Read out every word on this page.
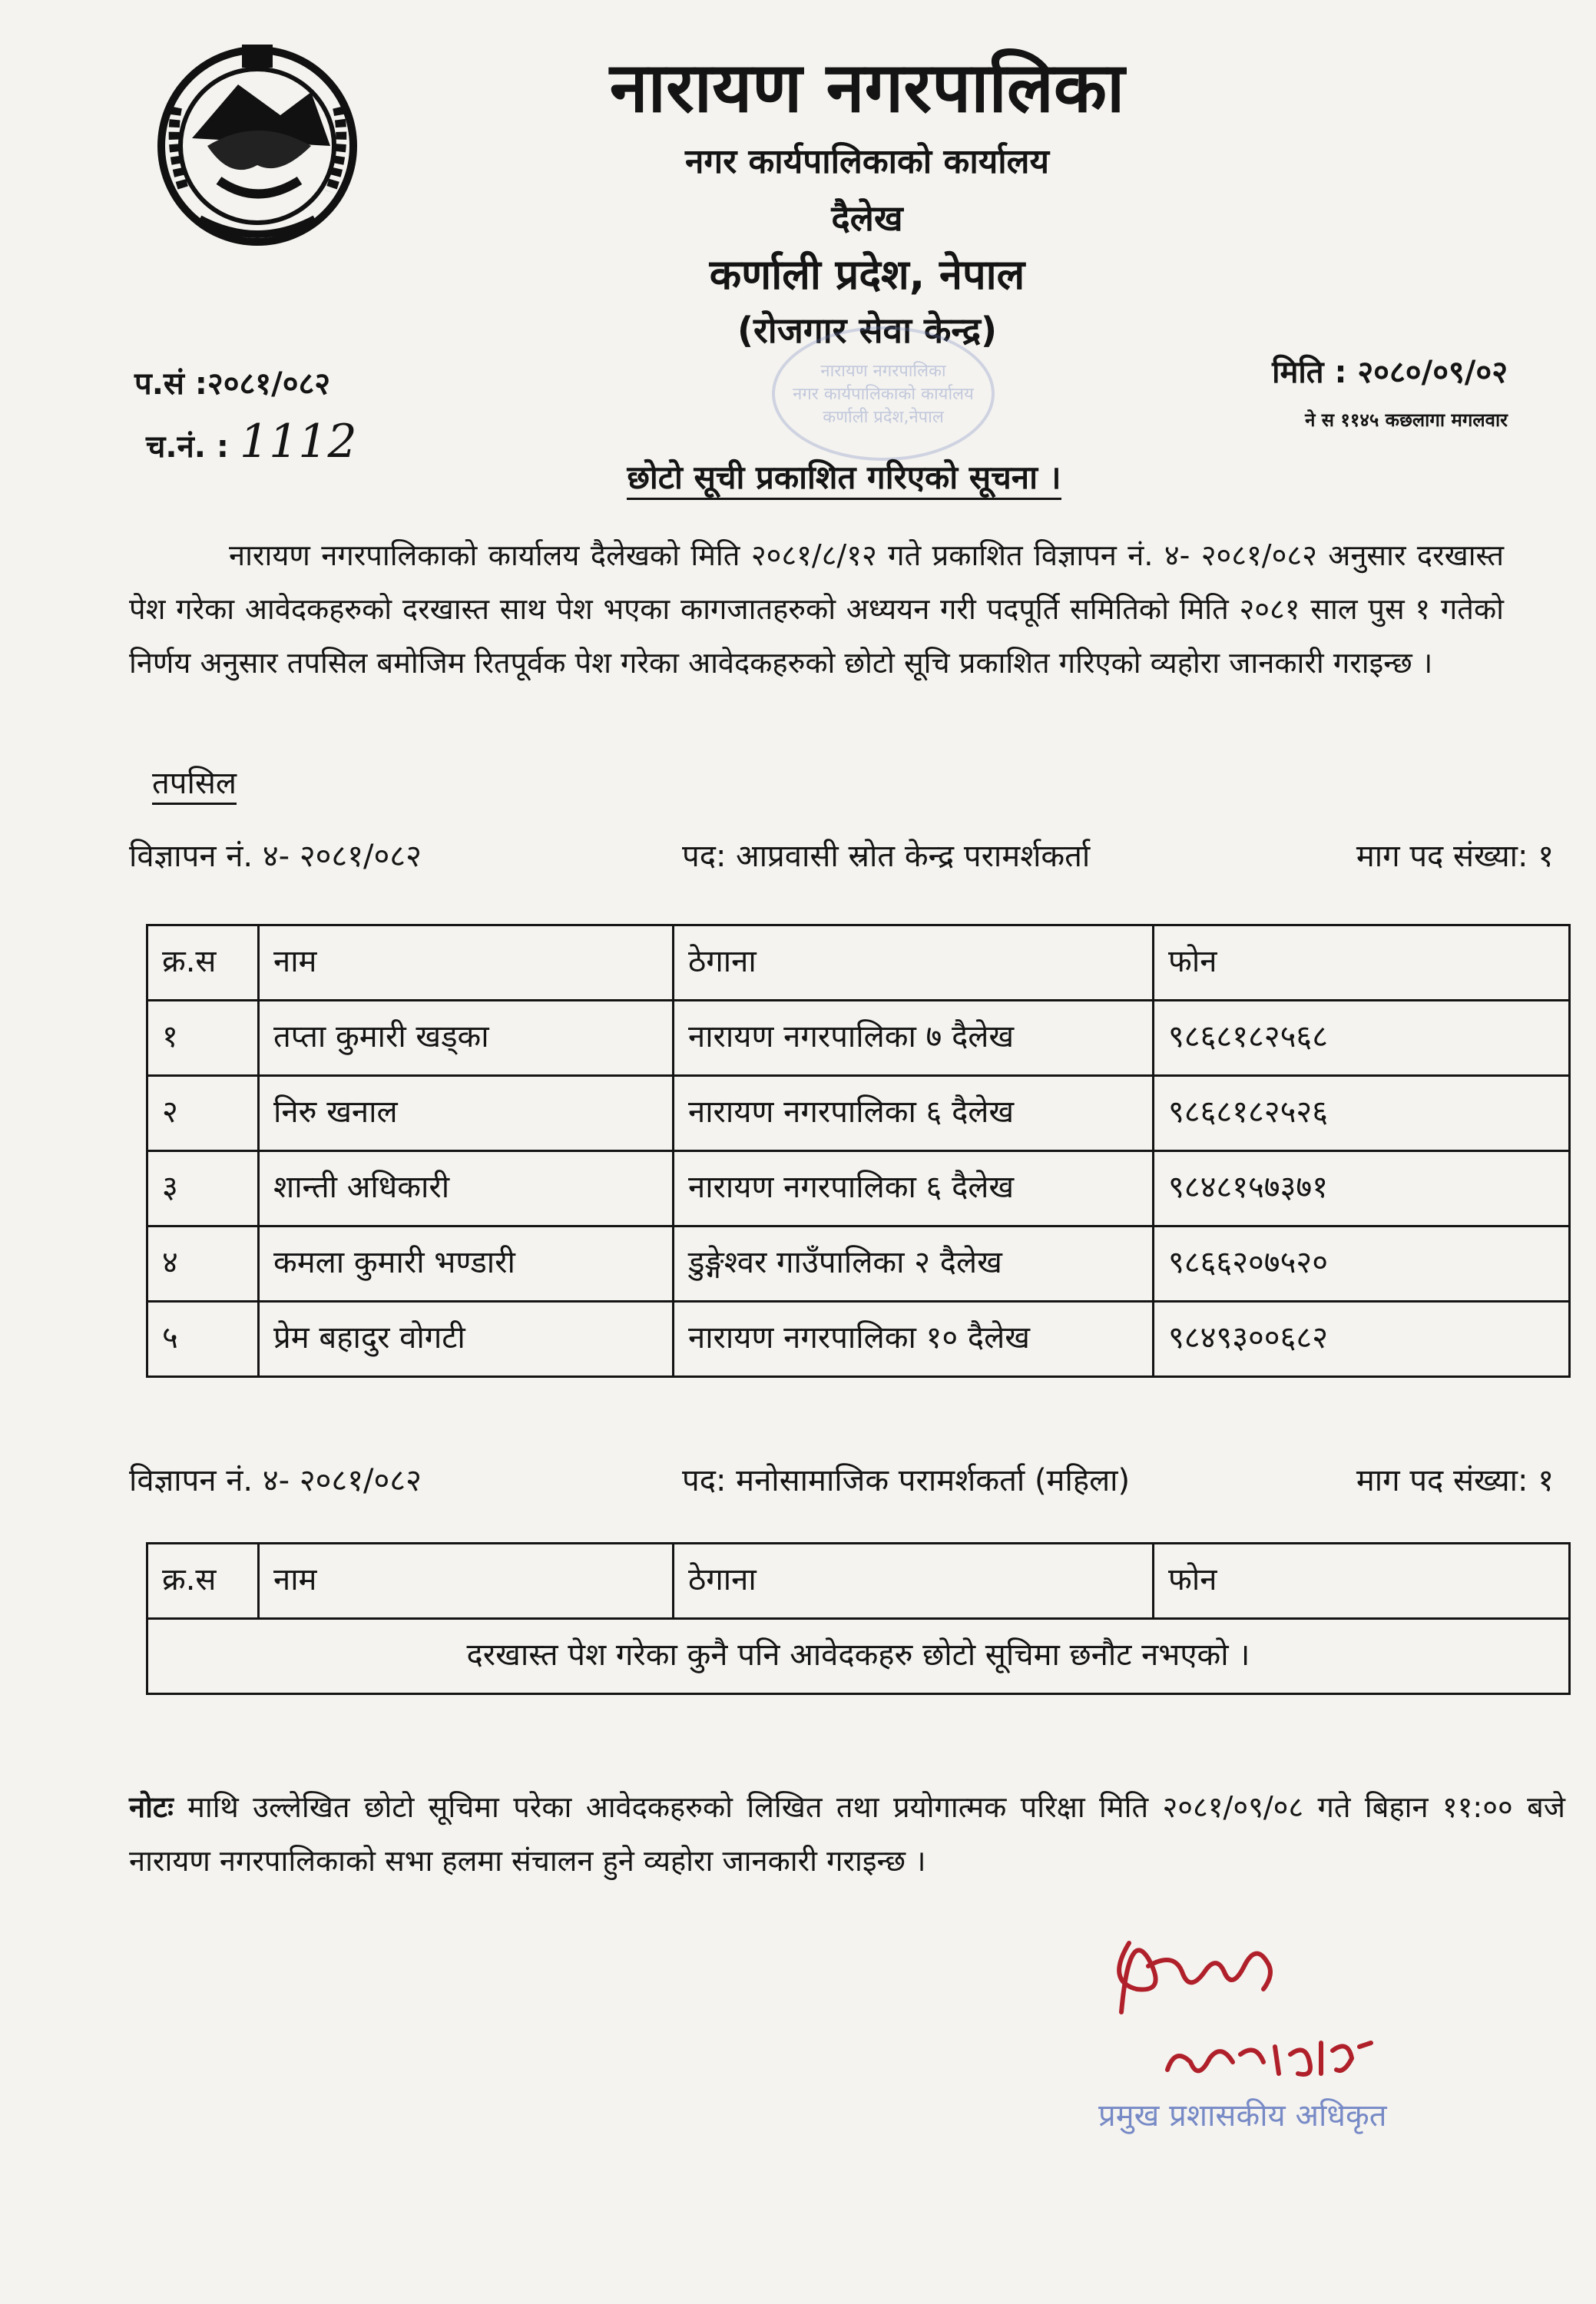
नारायण नगरपालिका
नगर कार्यपालिकाको कार्यालय
दैलेख
कर्णाली प्रदेश, नेपाल
(रोजगार सेवा केन्द्र)
नारायण नगरपालिका
नगर कार्यपालिकाको कार्यालय
कर्णाली प्रदेश,नेपाल
प.सं :२०८१/०८२
च.नं. : 1112
मिति : २०८०/०९/०२
ने स ११४५ कछलागा मगलवार
छोटो सूची प्रकाशित गरिएको सूचना ।
नारायण नगरपालिकाको कार्यालय दैलेखको मिति २०८१/८/१२ गते प्रकाशित विज्ञापन नं. ४- २०८१/०८२ अनुसार दरखास्त पेश गरेका आवेदकहरुको दरखास्त साथ पेश भएका कागजातहरुको अध्ययन गरी पदपूर्ति समितिको मिति २०८१ साल पुस १ गतेको निर्णय अनुसार तपसिल बमोजिम रितपूर्वक पेश गरेका आवेदकहरुको छोटो सूचि प्रकाशित गरिएको व्यहोरा जानकारी गराइन्छ ।
तपसिल
विज्ञापन नं. ४- २०८१/०८२	पद: आप्रवासी स्रोत केन्द्र परामर्शकर्ता	माग पद संख्या: १
क्र.स	नाम	ठेगाना	फोन
१	तप्ता कुमारी खड्का	नारायण नगरपालिका ७ दैलेख	९८६८१८२५६८
२	निरु खनाल	नारायण नगरपालिका ६ दैलेख	९८६८१८२५२६
३	शान्ती अधिकारी	नारायण नगरपालिका ६ दैलेख	९८४८१५७३७१
४	कमला कुमारी भण्डारी	डुङ्गेश्वर गाउँपालिका २ दैलेख	९८६६२०७५२०
५	प्रेम बहादुर वोगटी	नारायण नगरपालिका १० दैलेख	९८४९३००६८२
विज्ञापन नं. ४- २०८१/०८२	पद: मनोसामाजिक परामर्शकर्ता (महिला)	माग पद संख्या: १
क्र.स	नाम	ठेगाना	फोन
दरखास्त पेश गरेका कुनै पनि आवेदकहरु छोटो सूचिमा छनौट नभएको ।
नोटः माथि उल्लेखित छोटो सूचिमा परेका आवेदकहरुको लिखित तथा प्रयोगात्मक परिक्षा मिति २०८१/०९/०८ गते बिहान ११:०० बजे नारायण नगरपालिकाको सभा हलमा संचालन हुने व्यहोरा जानकारी गराइन्छ ।
प्रमुख प्रशासकीय अधिकृत
